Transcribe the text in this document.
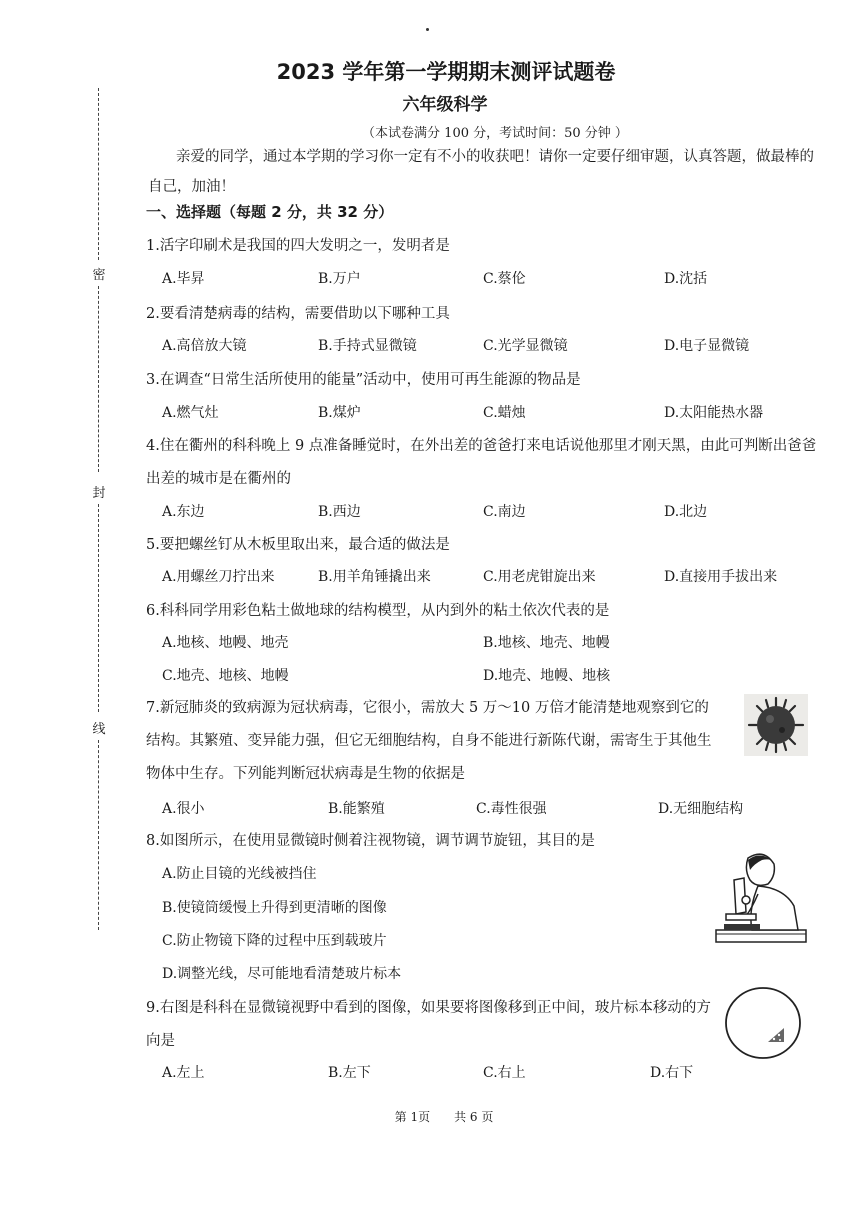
密
封
线
2023 学年第一学期期末测评试题卷
六年级科学
（本试卷满分 100 分，考试时间：50 分钟 ）
亲爱的同学，通过本学期的学习你一定有不小的收获吧！请你一定要仔细审题，认真答题，做最棒的自己，加油！
一、选择题（每题 2 分，共 32 分）
1.活字印刷术是我国的四大发明之一，发明者是
A.毕昇	B.万户	C.蔡伦	D.沈括
2.要看清楚病毒的结构，需要借助以下哪种工具
A.高倍放大镜	B.手持式显微镜	C.光学显微镜	D.电子显微镜
3.在调查“日常生活所使用的能量”活动中，使用可再生能源的物品是
A.燃气灶	B.煤炉	C.蜡烛	D.太阳能热水器
4.住在衢州的科科晚上 9 点准备睡觉时，在外出差的爸爸打来电话说他那里才刚天黑，由此可判断出爸爸出差的城市是在衢州的
A.东边	B.西边	C.南边	D.北边
5.要把螺丝钉从木板里取出来，最合适的做法是
A.用螺丝刀拧出来	B.用羊角锤撬出来	C.用老虎钳旋出来	D.直接用手拔出来
6.科科同学用彩色粘土做地球的结构模型，从内到外的粘土依次代表的是
A.地核、地幔、地壳	B.地核、地壳、地幔
C.地壳、地核、地幔	D.地壳、地幔、地核
7.新冠肺炎的致病源为冠状病毒，它很小，需放大 5 万～10 万倍才能清楚地观察到它的结构。其繁殖、变异能力强，但它无细胞结构，自身不能进行新陈代谢，需寄生于其他生物体中生存。下列能判断冠状病毒是生物的依据是
A.很小	B.能繁殖	C.毒性很强	D.无细胞结构
8.如图所示，在使用显微镜时侧着注视物镜，调节调节旋钮，其目的是
A.防止目镜的光线被挡住
B.使镜筒缓慢上升得到更清晰的图像
C.防止物镜下降的过程中压到载玻片
D.调整光线，尽可能地看清楚玻片标本
9.右图是科科在显微镜视野中看到的图像，如果要将图像移到正中间，玻片标本移动的方向是
A.左上	B.左下	C.右上	D.右下
第 1页　　共 6 页
